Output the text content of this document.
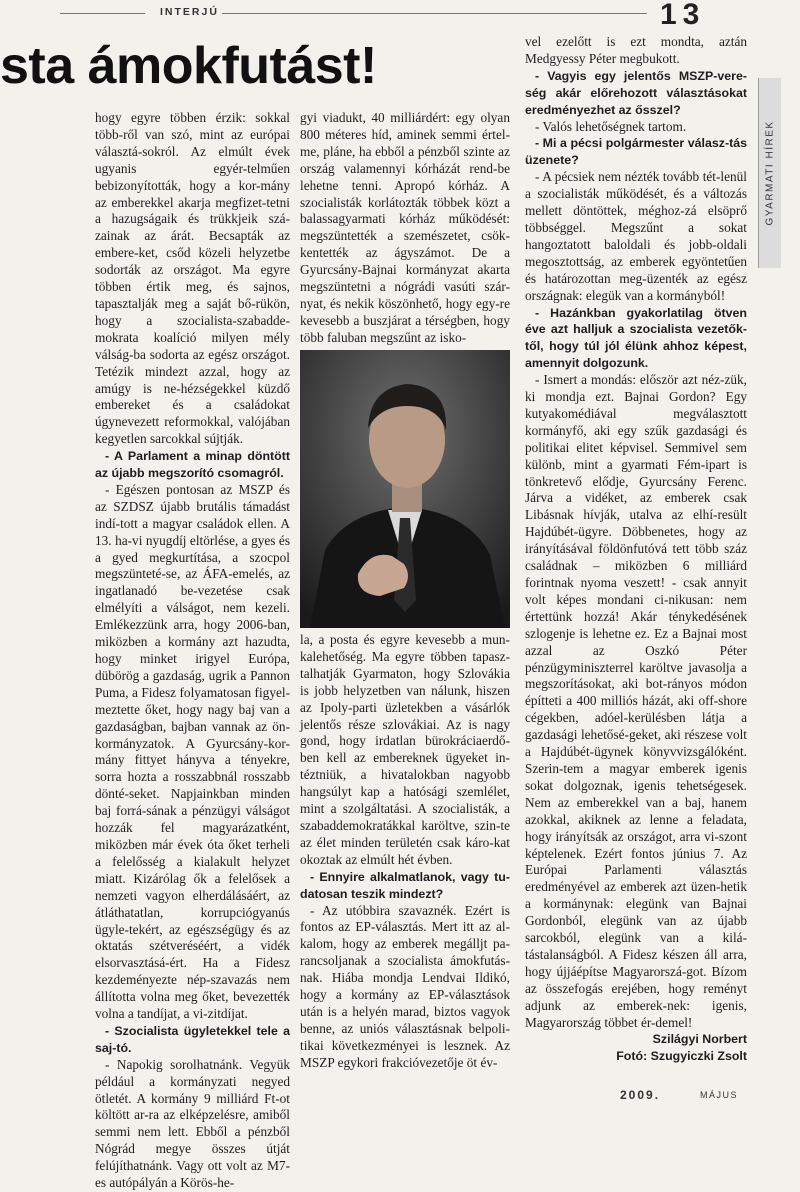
INTERJÚ	13
sta ámokfutást!
GYARMATI HÍREK

hogy egyre többen érzik: sokkal több-ről van szó, mint az európai választá-sokról. Az elmúlt évek ugyanis egyér-telműen bebizonyították, hogy a kor-mány az emberekkel akarja megfizet-tetni a hazugságaik és trükkjeik szá-zainak az árát. Becsapták az embere-ket, csőd közeli helyzetbe sodorták az országot. Ma egyre többen értik meg, és sajnos, tapasztalják meg a saját bő-rükön, hogy a szocialista-szabadde-mokrata koalíció milyen mély válság-ba sodorta az egész országot. Tetézik mindezt azzal, hogy az amúgy is ne-hézségekkel küzdő embereket és a családokat úgynevezett reformokkal, valójában kegyetlen sarcokkal sújtják.

- A Parlament a minap döntött az újabb megszorító csomagról.

- Egészen pontosan az MSZP és az SZDSZ újabb brutális támadást indí-tott a magyar családok ellen. A 13. ha-vi nyugdíj eltörlése, a gyes és a gyed megkurtítása, a szocpol megszünteté-se, az ÁFA-emelés, az ingatlanadó be-vezetése csak elmélyíti a válságot, nem kezeli. Emlékezzünk arra, hogy 2006-ban, miközben a kormány azt hazudta, hogy minket irigyel Európa, dübörög a gazdaság, ugrik a Pannon Puma, a Fidesz folyamatosan figyel-meztette őket, hogy nagy baj van a gazdaságban, bajban vannak az ön-kormányzatok. A Gyurcsány-kor-mány fittyet hányva a tényekre, sorra hozta a rosszabbnál rosszabb dönté-seket. Napjainkban minden baj forrá-sának a pénzügyi válságot hozzák fel magyarázatként, miközben már évek óta őket terheli a felelősség a kialakult helyzet miatt. Kizárólag ők a felelősek a nemzeti vagyon elherdálásáért, az átláthatatlan, korrupciógyanús ügyle-tekért, az egészségügy és az oktatás szétveréséért, a vidék elsorvasztásá-ért. Ha a Fidesz kezdeményezte nép-szavazás nem állította volna meg őket, bevezették volna a tandíjat, a vi-zitdíjat.

- Szocialista ügyletekkel tele a saj-tó.

- Napokig sorolhatnánk. Vegyük például a kormányzati negyed ötletét. A kormány 9 milliárd Ft-ot költött ar-ra az elképzelésre, amiből semmi nem lett. Ebből a pénzből Nógrád megye összes útját felújíthatnánk. Vagy ott volt az M7-es autópályán a Körös-he-

gyi viadukt, 40 milliárdért: egy olyan 800 méteres híd, aminek semmi értel-me, pláne, ha ebből a pénzből szinte az ország valamennyi kórházát rend-be lehetne tenni. Apropó kórház. A szocialisták korlátozták többek közt a balassagyarmati kórház működését: megszüntették a szemészetet, csök-kentették az ágyszámot. De a Gyurcsány-Bajnai kormányzat akarta megszüntetni a nógrádi vasúti szár-nyat, és nekik köszönhető, hogy egy-re kevesebb a buszjárat a térségben, hogy több faluban megszűnt az isko-

la, a posta és egyre kevesebb a mun-kalehetőség. Ma egyre többen tapasz-talhatják Gyarmaton, hogy Szlovákia is jobb helyzetben van nálunk, hiszen az Ipoly-parti üzletekben a vásárlók jelentős része szlovákiai. Az is nagy gond, hogy irdatlan bürokráciaerdő-ben kell az embereknek ügyeket in-téztniük, a hivatalokban nagyobb hangsúlyt kap a hatósági szemlélet, mint a szolgáltatási. A szocialisták, a szabaddemokratákkal karöltve, szin-te az élet minden területén csak káro-kat okoztak az elmúlt hét évben.

- Ennyire alkalmatlanok, vagy tu-datosan teszik mindezt?

- Az utóbbira szavaznék. Ezért is fontos az EP-választás. Mert itt az al-kalom, hogy az emberek megálljt pa-rancsoljanak a szocialista ámokfutás-nak. Hiába mondja Lendvai Ildikó, hogy a kormány az EP-választások után is a helyén marad, biztos vagyok benne, az uniós választásnak belpoli-tikai következményei is lesznek. Az MSZP egykori frakcióvezetője öt év-

vel ezelőtt is ezt mondta, aztán Medgyessy Péter megbukott.

- Vagyis egy jelentős MSZP-vere-ség akár előrehozott választásokat eredményezhet az ősszel?

- Valós lehetőségnek tartom.

- Mi a pécsi polgármester válasz-tás üzenete?

- A pécsiek nem nézték tovább tét-lenül a szocialisták működését, és a változás mellett döntöttek, méghoz-zá elsöprő többséggel. Megszűnt a sokat hangoztatott baloldali és jobb-oldali megosztottság, az emberek egyöntetűen és határozottan meg-üzenték az egész országnak: elegük van a kormányból!

- Hazánkban gyakorlatilag ötven éve azt halljuk a szocialista vezetők-től, hogy túl jól élünk ahhoz képest, amennyit dolgozunk.

- Ismert a mondás: először azt néz-zük, ki mondja ezt. Bajnai Gordon? Egy kutyakomédiával megválasztott kormányfő, aki egy szűk gazdasági és politikai elitet képvisel. Semmivel sem különb, mint a gyarmati Fém-ipart is tönkretevő elődje, Gyurcsány Ferenc. Járva a vidéket, az emberek csak Libásnak hívják, utalva az elhí-resült Hajdúbét-ügyre. Döbbenetes, hogy az irányításával földönfutóvá tett több száz családnak – miközben 6 milliárd forintnak nyoma veszett! - csak annyit volt képes mondani ci-nikusan: nem értettünk hozzá! Akár ténykedésének szlogenje is lehetne ez. Ez a Bajnai most azzal az Oszkó Péter pénzügyminiszterrel karöltve javasolja a megszorításokat, aki bot-rányos módon építteti a 400 milliós házát, aki off-shore cégekben, adóel-kerülésben látja a gazdasági lehetősé-geket, aki részese volt a Hajdúbét-ügynek könyvvizsgálóként. Szerin-tem a magyar emberek igenis sokat dolgoznak, igenis tehetségesek. Nem az emberekkel van a baj, hanem azokkal, akiknek az lenne a feladata, hogy irányítsák az országot, arra vi-szont képtelenek. Ezért fontos június 7. Az Európai Parlamenti választás eredményével az emberek azt üzen-hetik a kormánynak: elegünk van Bajnai Gordonból, elegünk van az újabb sarcokból, elegünk van a kilá-tástalanságból. A Fidesz készen áll arra, hogy újjáépítse Magyarorszá-got. Bízom az összefogás erejében, hogy reményt adjunk az emberek-nek: igenis, Magyarország többet ér-demel!

Szilágyi Norbert

Fotó: Szugyiczki Zsolt

2009.	MÁJUS
